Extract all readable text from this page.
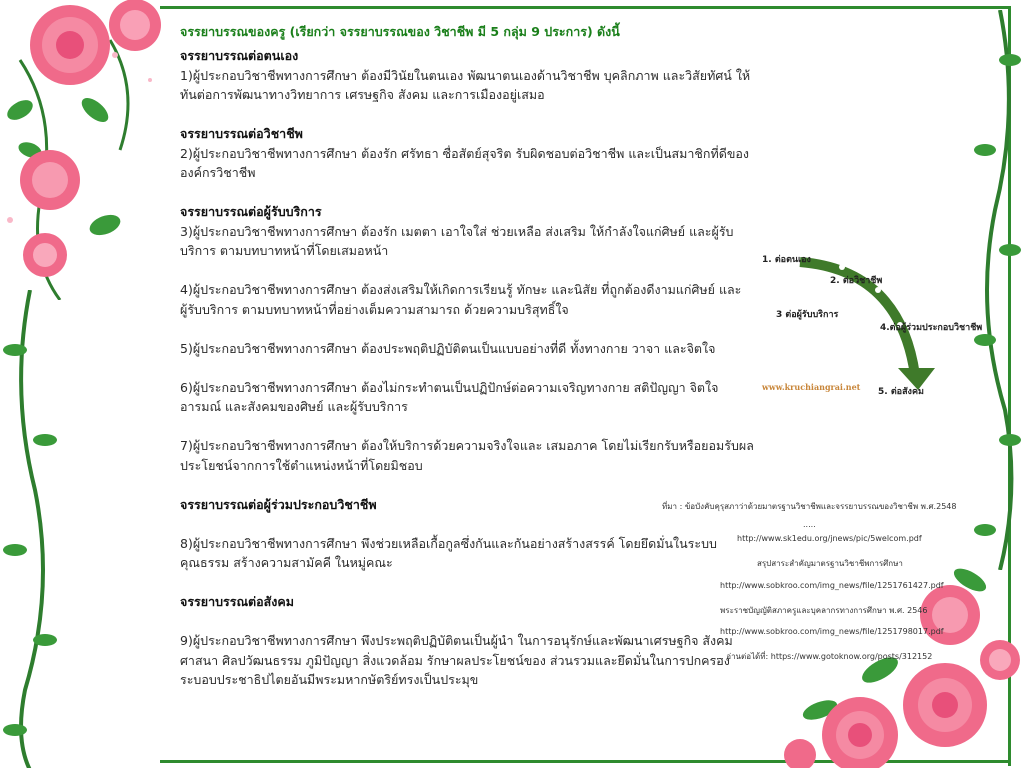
จรรยาบรรณของครู (เรียกว่า จรรยาบรรณของ วิชาชีพ มี 5 กลุ่ม 9 ประการ) ดังนี้

จรรยาบรรณต่อตนเอง

1)ผู้ประกอบวิชาชีพทางการศึกษา ต้องมีวินัยในตนเอง พัฒนาตนเองด้านวิชาชีพ บุคลิกภาพ และวิสัยทัศน์ ให้ทันต่อการพัฒนาทางวิทยาการ เศรษฐกิจ สังคม และการเมืองอยู่เสมอ

จรรยาบรรณต่อวิชาชีพ

2)ผู้ประกอบวิชาชีพทางการศึกษา ต้องรัก ศรัทธา ซื่อสัตย์สุจริต รับผิดชอบต่อวิชาชีพ และเป็นสมาชิกที่ดีขององค์กรวิชาชีพ

จรรยาบรรณต่อผู้รับบริการ

3)ผู้ประกอบวิชาชีพทางการศึกษา ต้องรัก เมตตา เอาใจใส่ ช่วยเหลือ ส่งเสริม ให้กำลังใจแก่ศิษย์ และผู้รับบริการ ตามบทบาทหน้าที่โดยเสมอหน้า

4)ผู้ประกอบวิชาชีพทางการศึกษา ต้องส่งเสริมให้เกิดการเรียนรู้ ทักษะ และนิสัย ที่ถูกต้องดีงามแก่ศิษย์ และผู้รับบริการ ตามบทบาทหน้าที่อย่างเต็มความสามารถ ด้วยความบริสุทธิ์ใจ

5)ผู้ประกอบวิชาชีพทางการศึกษา ต้องประพฤติปฏิบัติตนเป็นแบบอย่างที่ดี ทั้งทางกาย วาจา และจิตใจ

6)ผู้ประกอบวิชาชีพทางการศึกษา ต้องไม่กระทำตนเป็นปฏิปักษ์ต่อความเจริญทางกาย สติปัญญา จิตใจ อารมณ์ และสังคมของศิษย์ และผู้รับบริการ

7)ผู้ประกอบวิชาชีพทางการศึกษา ต้องให้บริการด้วยความจริงใจและ เสมอภาค โดยไม่เรียกรับหรือยอมรับผลประโยชน์จากการใช้ตำแหน่งหน้าที่โดยมิชอบ

จรรยาบรรณต่อผู้ร่วมประกอบวิชาชีพ

8)ผู้ประกอบวิชาชีพทางการศึกษา พึงช่วยเหลือเกื้อกูลซึ่งกันและกันอย่างสร้างสรรค์ โดยยึดมั่นในระบบคุณธรรม สร้างความสามัคคี ในหมู่คณะ

จรรยาบรรณต่อสังคม

9)ผู้ประกอบวิชาชีพทางการศึกษา พึงประพฤติปฏิบัติตนเป็นผู้นำ ในการอนุรักษ์และพัฒนาเศรษฐกิจ สังคม ศาสนา ศิลปวัฒนธรรม ภูมิปัญญา สิ่งแวดล้อม รักษาผลประโยชน์ของ ส่วนรวมและยึดมั่นในการปกครองระบอบประชาธิปไตยอันมีพระมหากษัตริย์ทรงเป็นประมุข

1. ต่อตนเอง
2. ต่อวิชาชีพ
3 ต่อผู้รับบริการ
4.ต่อผู้ร่วมประกอบวิชาชีพ
5. ต่อสังคม
www.kruchiangrai.net
ที่มา : ข้อบังคับคุรุสภาว่าด้วยมาตรฐานวิชาชีพและจรรยาบรรณของวิชาชีพ พ.ศ.2548
.....
http://www.sk1edu.org/jnews/pic/5welcom.pdf
สรุปสาระสำคัญมาตรฐานวิชาชีพการศึกษา
http://www.sobkroo.com/img_news/file/1251761427.pdf
พระราชบัญญัติสภาครูและบุคลากรทางการศึกษา พ.ศ. 2546
http://www.sobkroo.com/img_news/file/1251798017.pdf
..... อ่านต่อได้ที่: https://www.gotoknow.org/posts/312152
